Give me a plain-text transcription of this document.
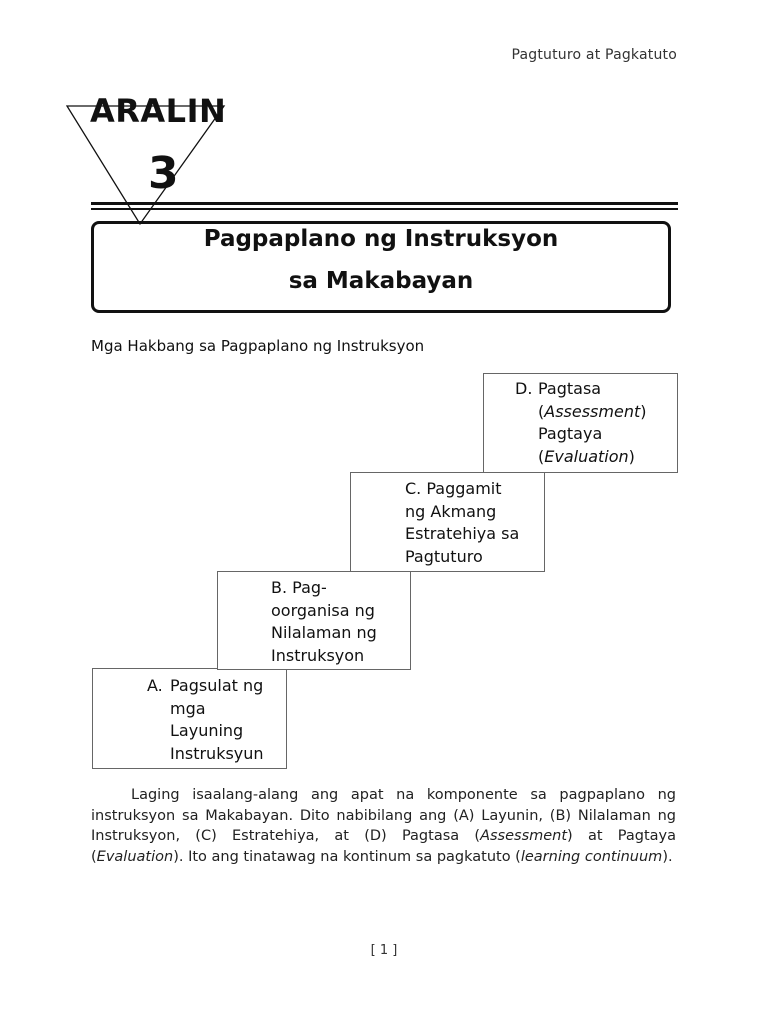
Pagtuturo at Pagkatuto
ARALIN
3
Pagpaplano ng Instruksyon
sa Makabayan
Mga Hakbang sa Pagpaplano ng Instruksyon
A. Pagsulat ng
mga
Layuning
Instruksyun
B. Pag-
oorganisa ng
Nilalaman ng
Instruksyon
C. Paggamit
ng Akmang
Estratehiya sa
Pagtuturo
D. Pagtasa
(Assessment)
Pagtaya
(Evaluation)

Laging isaalang-alang ang apat na komponente sa pagpaplano ng instruksyon sa Makabayan. Dito nabibilang ang (A) Layunin, (B) Nilalaman ng Instruksyon, (C) Estratehiya, at (D) Pagtasa (Assessment) at Pagtaya (Evaluation). Ito ang tinatawag na kontinum sa pagkatuto (learning continuum).

[ 1 ]
